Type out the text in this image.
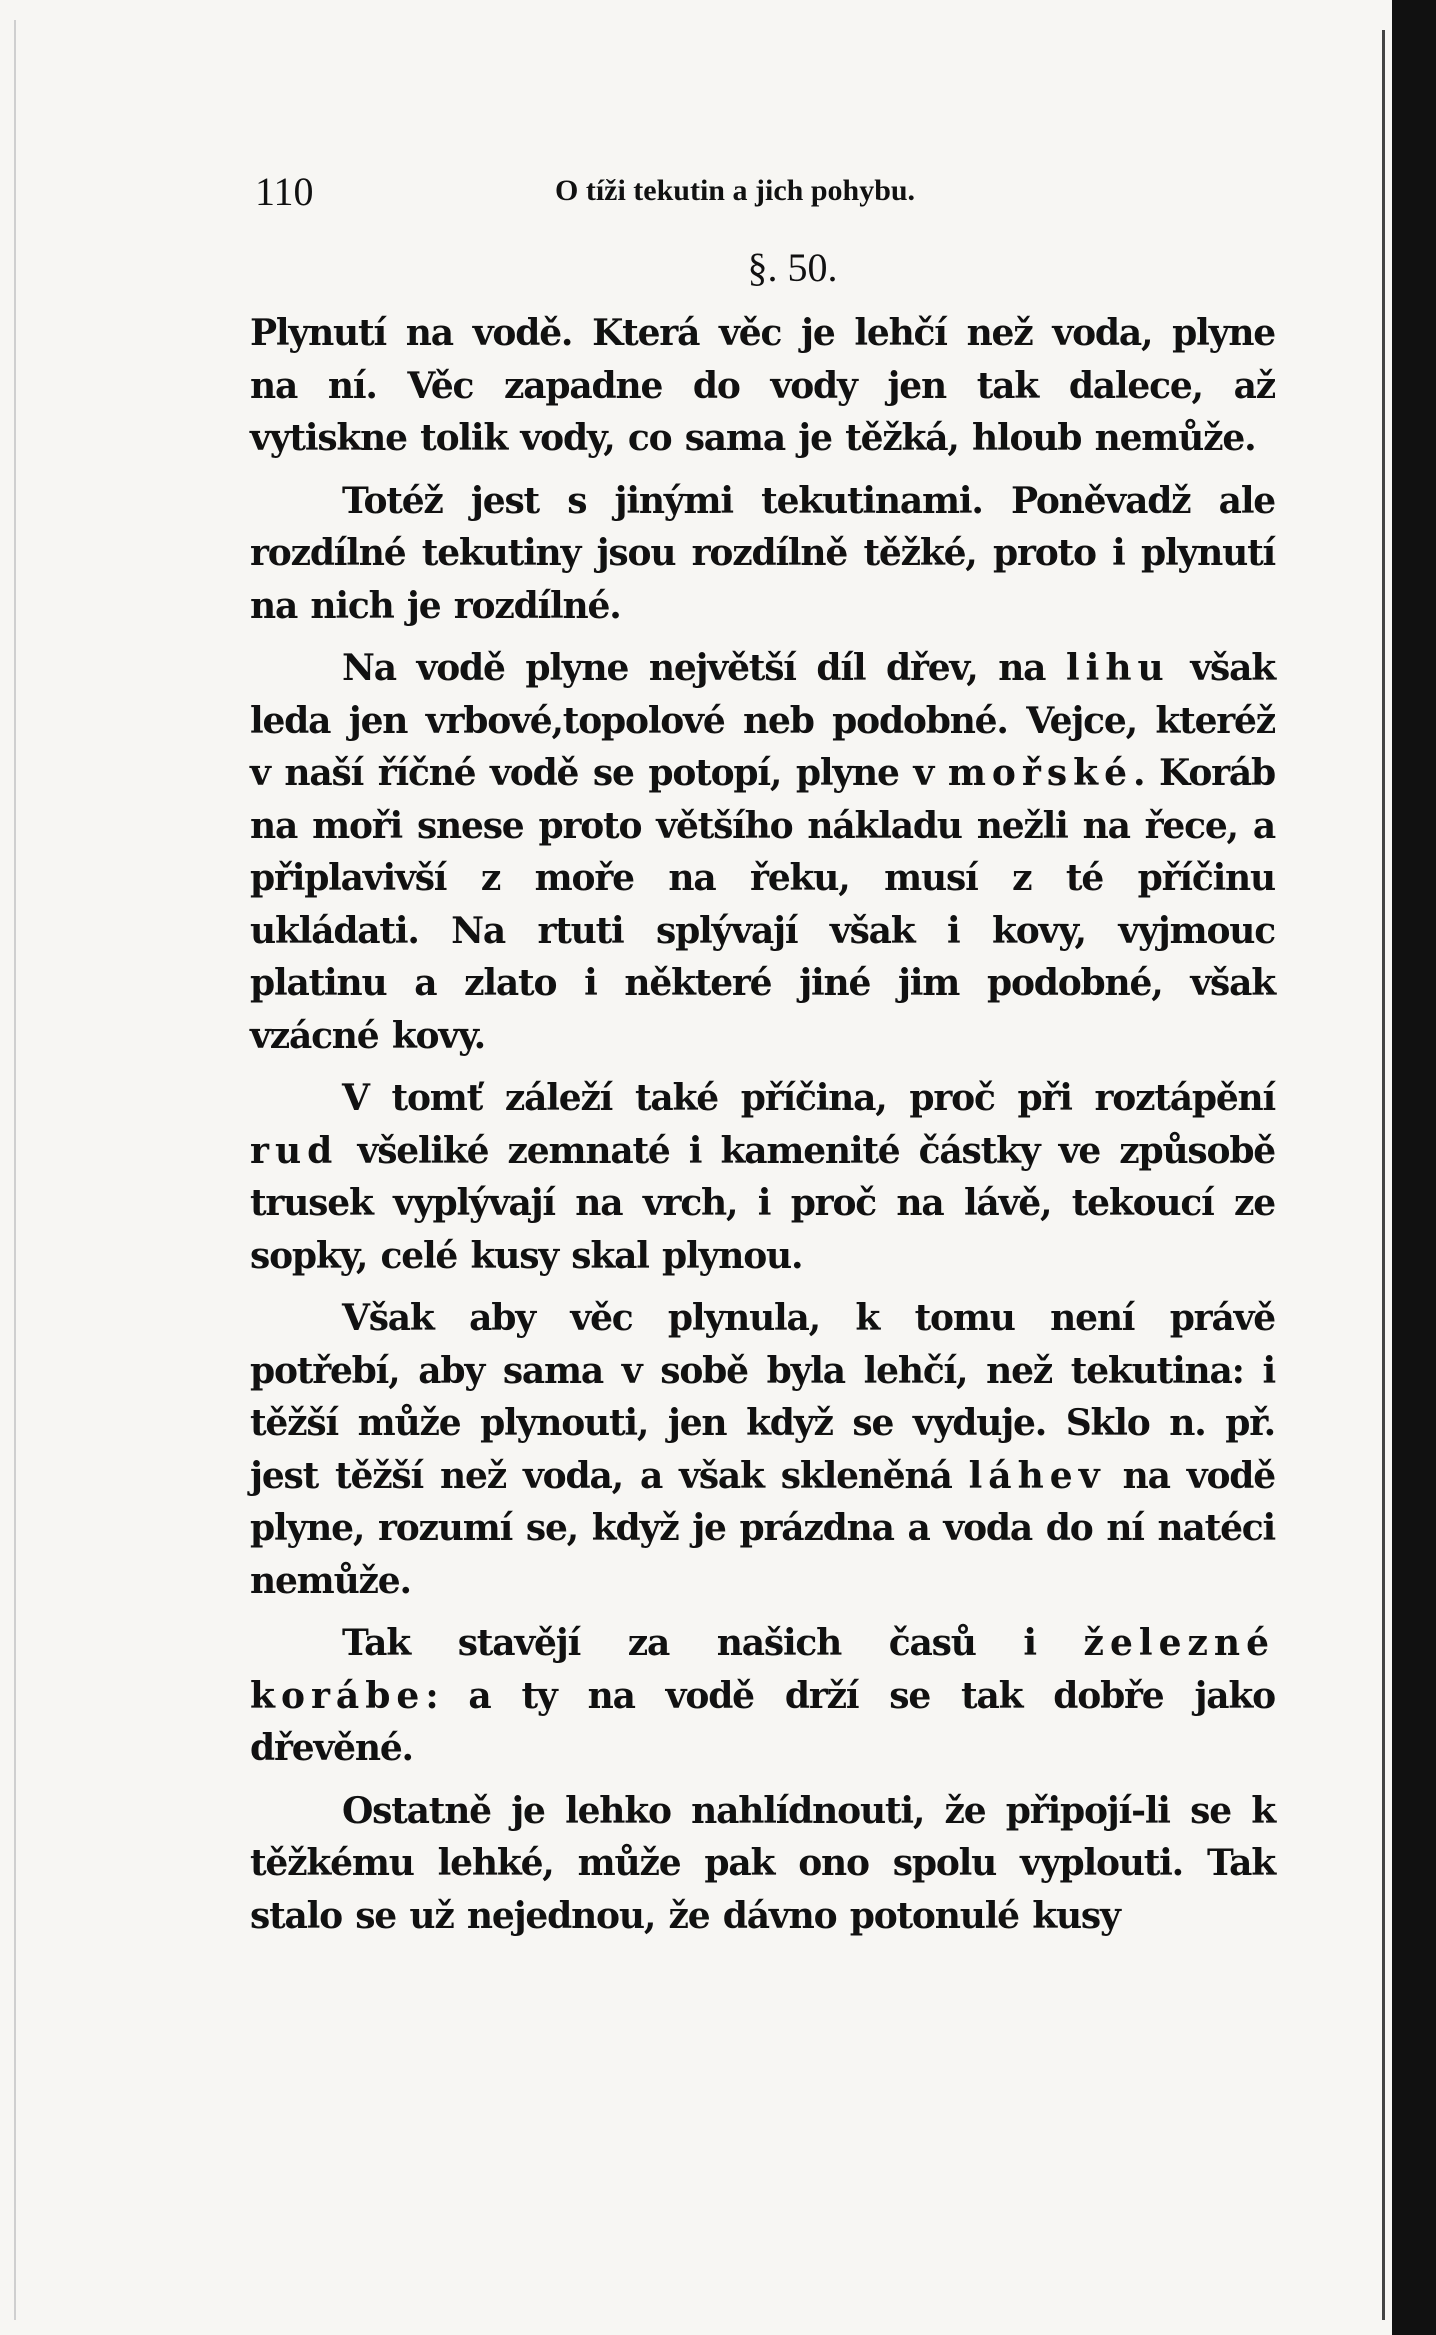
110	O tíži tekutin a jich pohybu.
§. 50.

Plynutí na vodě. Která věc je lehčí než voda, plyne na ní. Věc zapadne do vody jen tak dalece, až vytiskne tolik vody, co sama je těžká, hloub nemůže.

Totéž jest s jinými tekutinami. Poněvadž ale rozdílné tekutiny jsou rozdílně těžké, proto i plynutí na nich je rozdílné.

Na vodě plyne největší díl dřev, na lihu však leda jen vrbové,topolové neb podobné. Vejce, kteréž v naší říčné vodě se potopí, plyne v mořské. Koráb na moři snese proto většího nákladu nežli na řece, a připlavivší z moře na řeku, musí z té příčinu ukládati. Na rtuti splývají však i kovy, vyjmouc platinu a zlato i některé jiné jim podobné, však vzácné kovy.

V tomť záleží také příčina, proč při roztápění rud všeliké zemnaté i kamenité částky ve způsobě trusek vyplývají na vrch, i proč na lávě, tekoucí ze sopky, celé kusy skal plynou.

Však aby věc plynula, k tomu není právě potřebí, aby sama v sobě byla lehčí, než tekutina: i těžší může plynouti, jen když se vyduje. Sklo n. př. jest těžší než voda, a však skleněná láhev na vodě plyne, rozumí se, když je prázdna a voda do ní natéci nemůže.

Tak stavějí za našich časů i železné korábe: a ty na vodě drží se tak dobře jako dřevěné.

Ostatně je lehko nahlídnouti, že připojí-li se k těžkému lehké, může pak ono spolu vyplouti. Tak stalo se už nejednou, že dávno potonulé kusy
